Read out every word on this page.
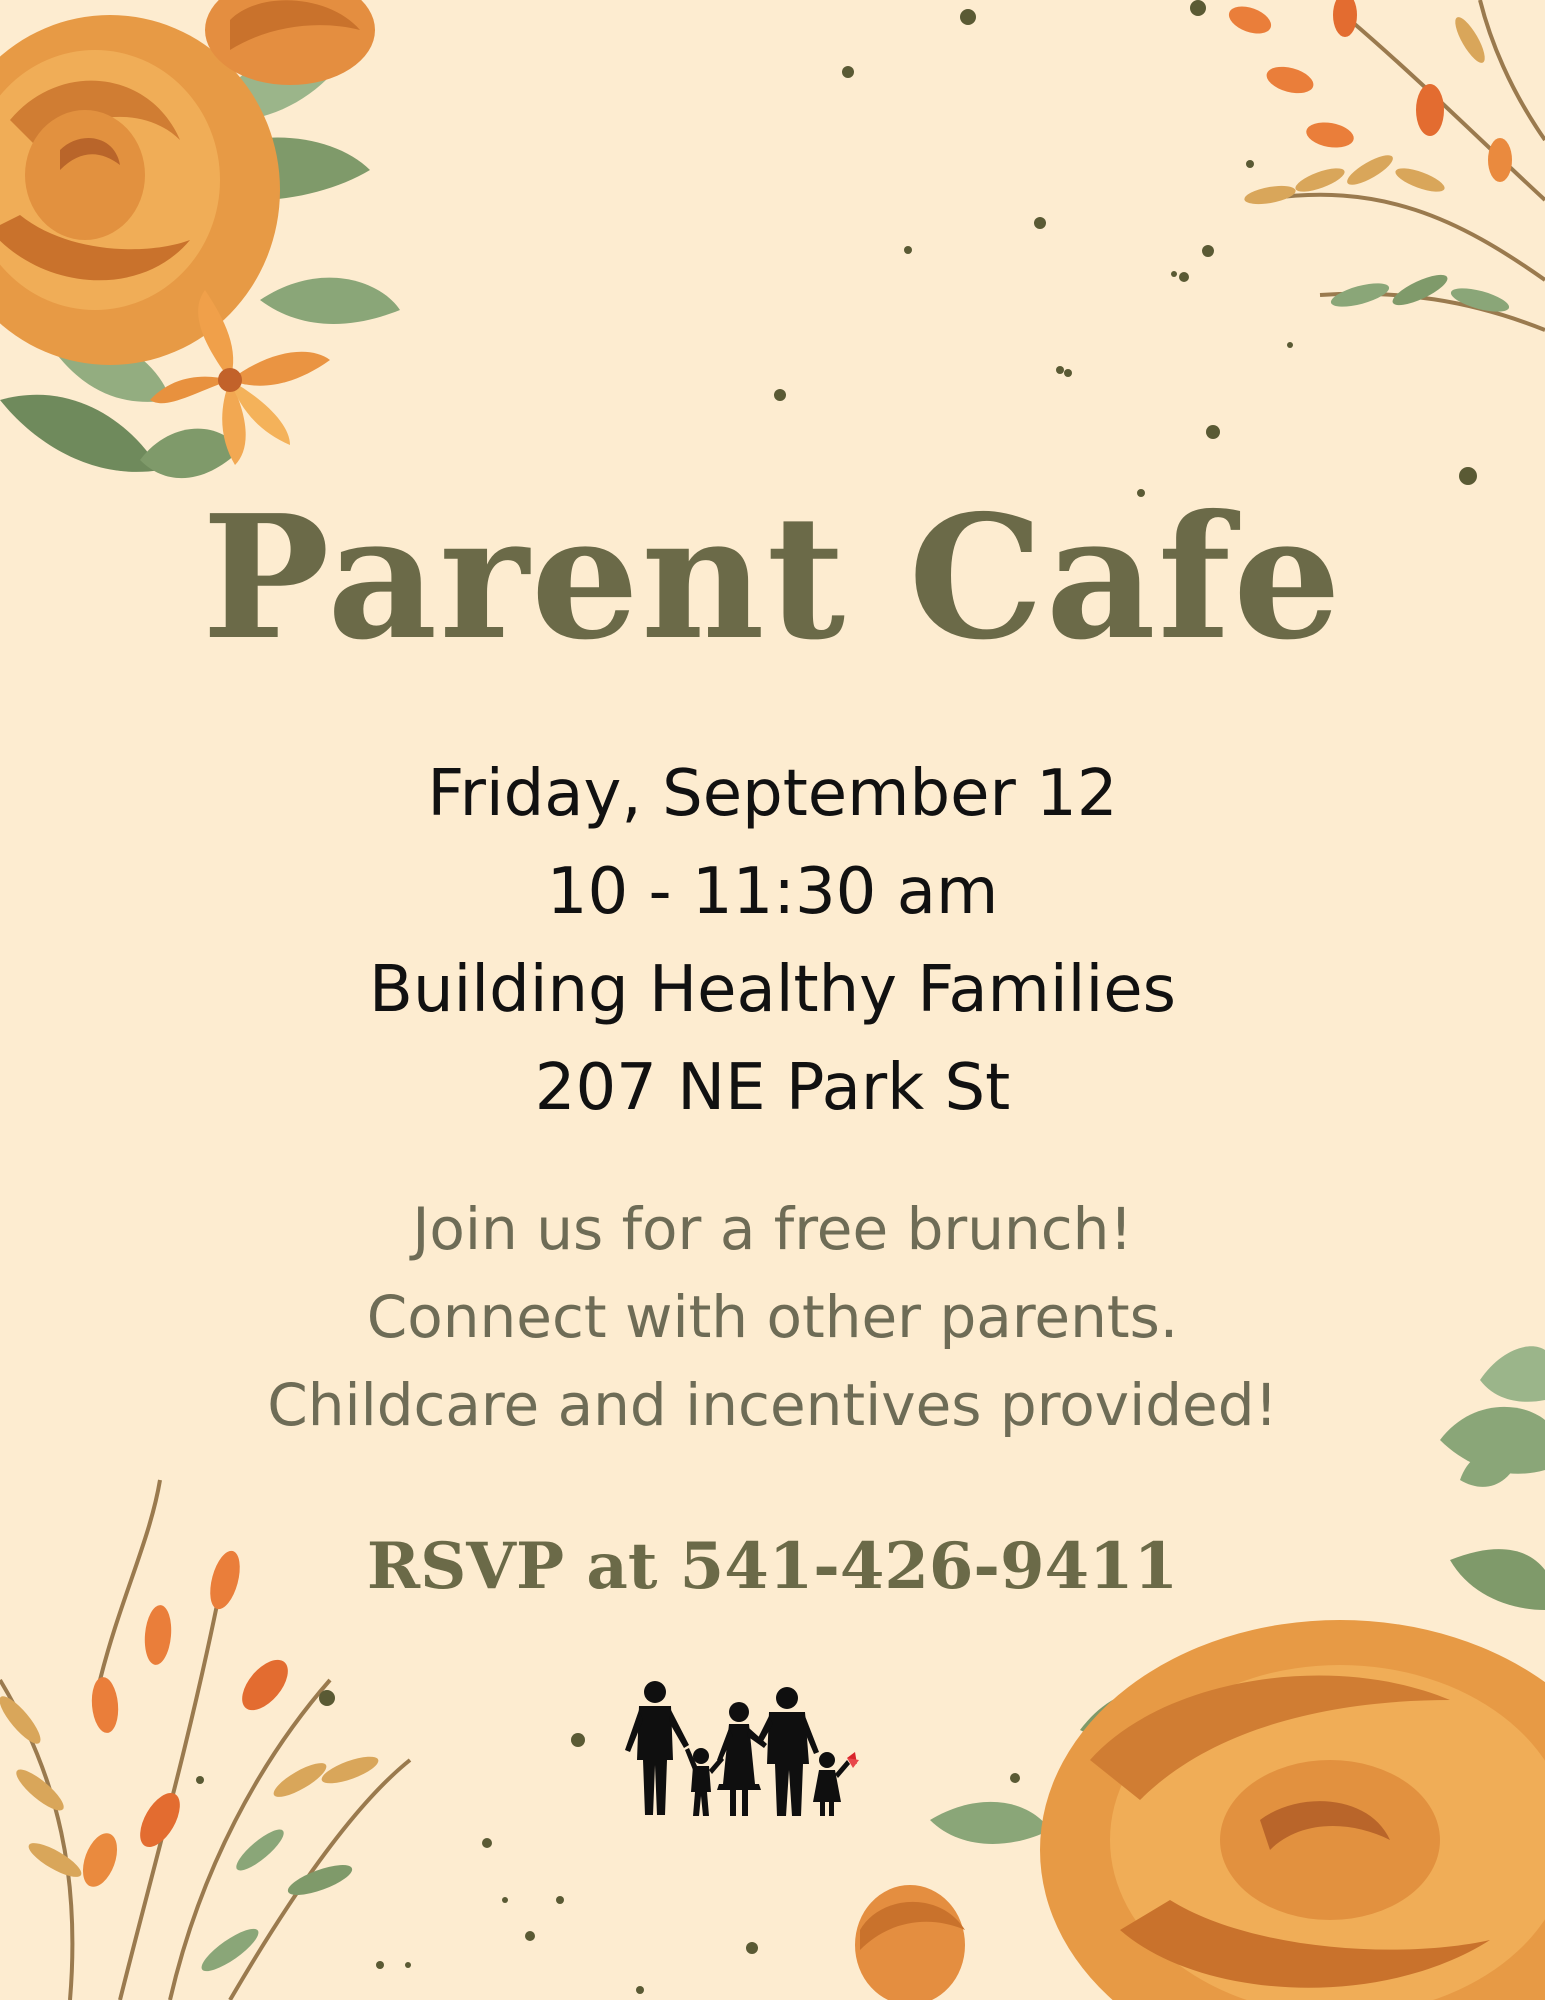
Parent Cafe
Friday, September 12
10 - 11:30 am
Building Healthy Families
207 NE Park St
Join us for a free brunch!
Connect with other parents.
Childcare and incentives provided!
RSVP at 541-426-9411
